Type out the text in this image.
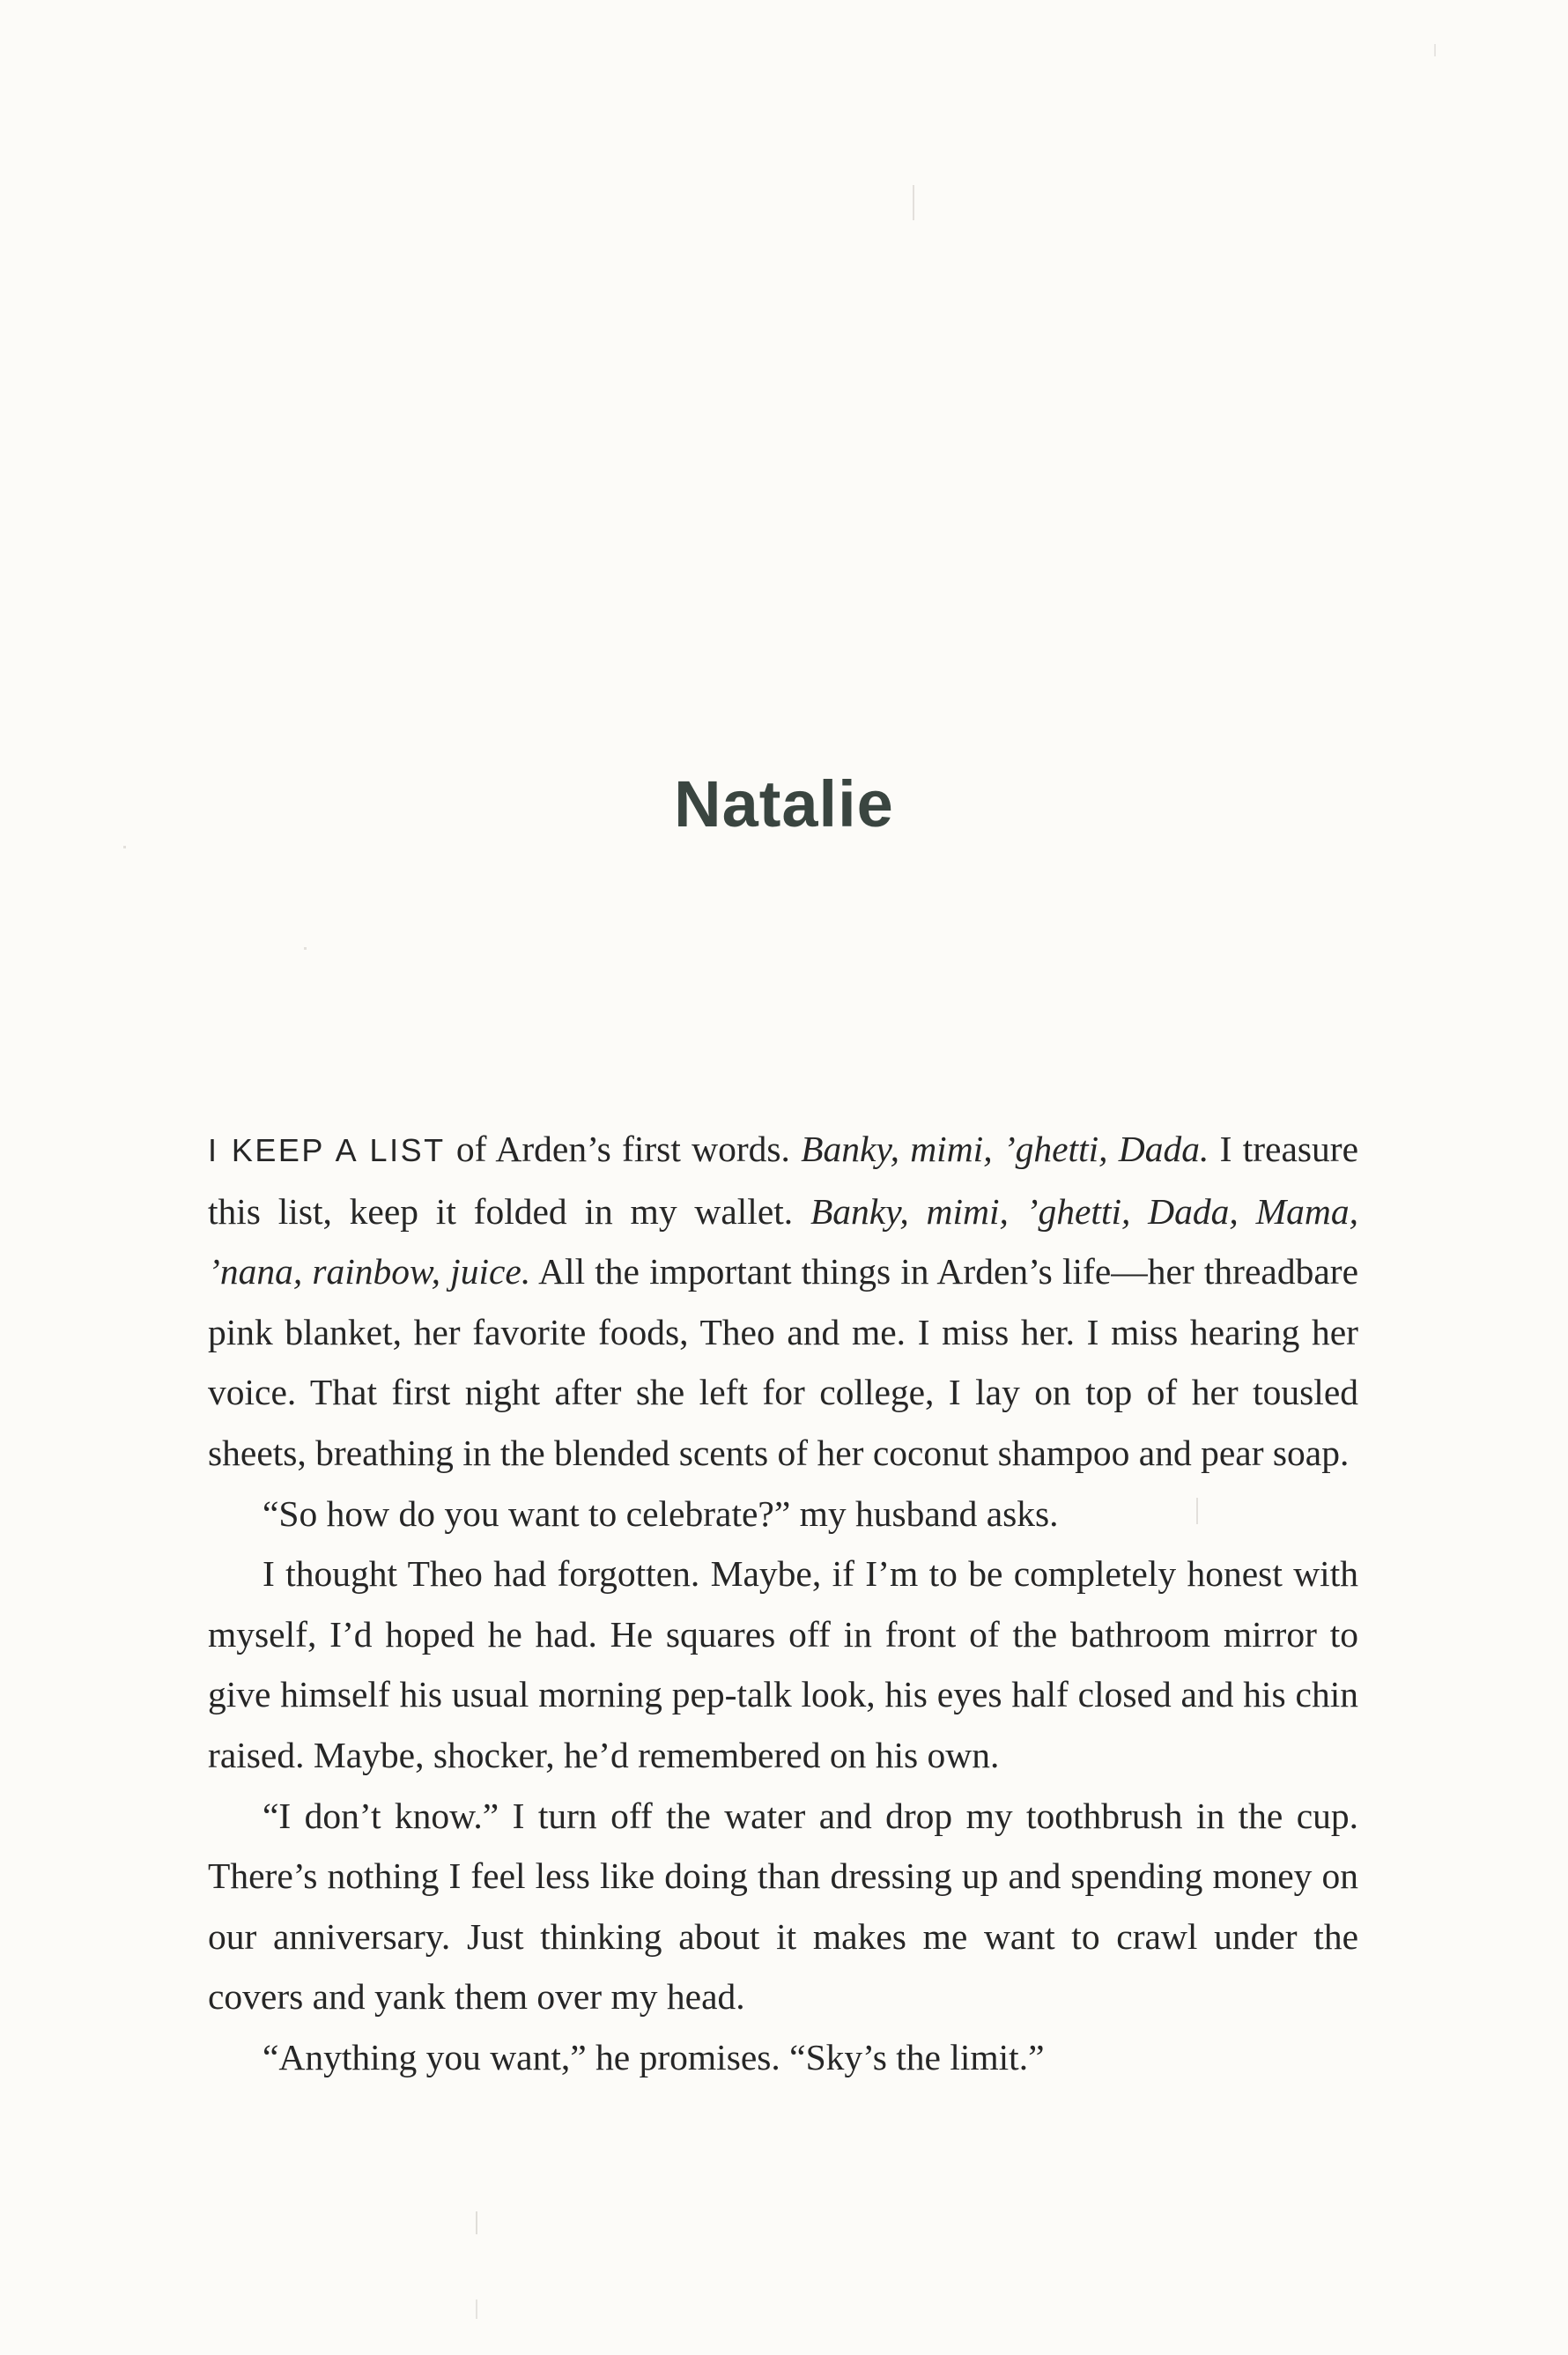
Natalie

I KEEP A LIST of Arden’s first words. Banky, mimi, ’ghetti, Dada. I treasure this list, keep it folded in my wallet. Banky, mimi, ’ghetti, Dada, Mama, ’nana, rainbow, juice. All the important things in Arden’s life—her threadbare pink blanket, her favorite foods, Theo and me. I miss her. I miss hearing her voice. That first night after she left for college, I lay on top of her tousled sheets, breathing in the blended scents of her coconut shampoo and pear soap.

“So how do you want to celebrate?” my husband asks.

I thought Theo had forgotten. Maybe, if I’m to be completely honest with myself, I’d hoped he had. He squares off in front of the bathroom mirror to give himself his usual morning pep-talk look, his eyes half closed and his chin raised. Maybe, shocker, he’d remembered on his own.

“I don’t know.” I turn off the water and drop my toothbrush in the cup. There’s nothing I feel less like doing than dressing up and spending money on our anniversary. Just thinking about it makes me want to crawl under the covers and yank them over my head.

“Anything you want,” he promises. “Sky’s the limit.”
